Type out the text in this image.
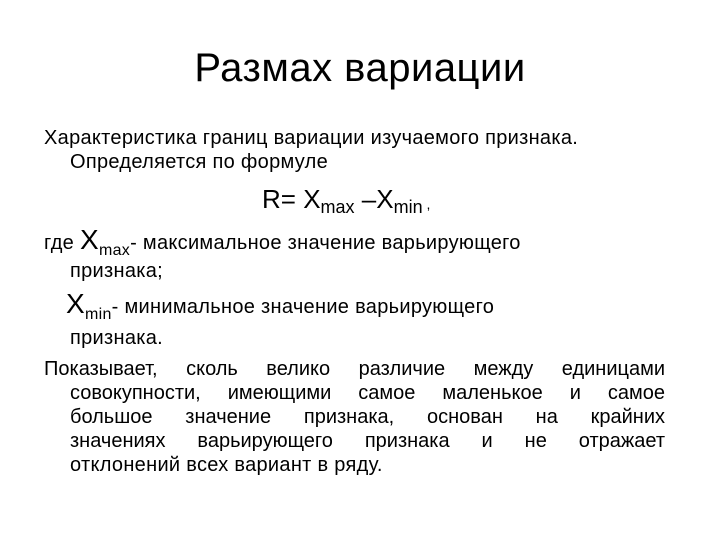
Размах вариации
Характеристика границ вариации изучаемого признака.
Определяется по формуле
R= Xmax –Xmin ,
где $X_{max}-$ максимальное значение варьирующего
признака;
$X_{min}-$ минимальное значение варьирующего
признака.
Показывает, сколь велико различие между единицами
совокупности, имеющими самое маленькое и самое
большое значение признака, основан на крайних
значениях варьирующего признака и не отражает
отклонений всех вариант в ряду.
